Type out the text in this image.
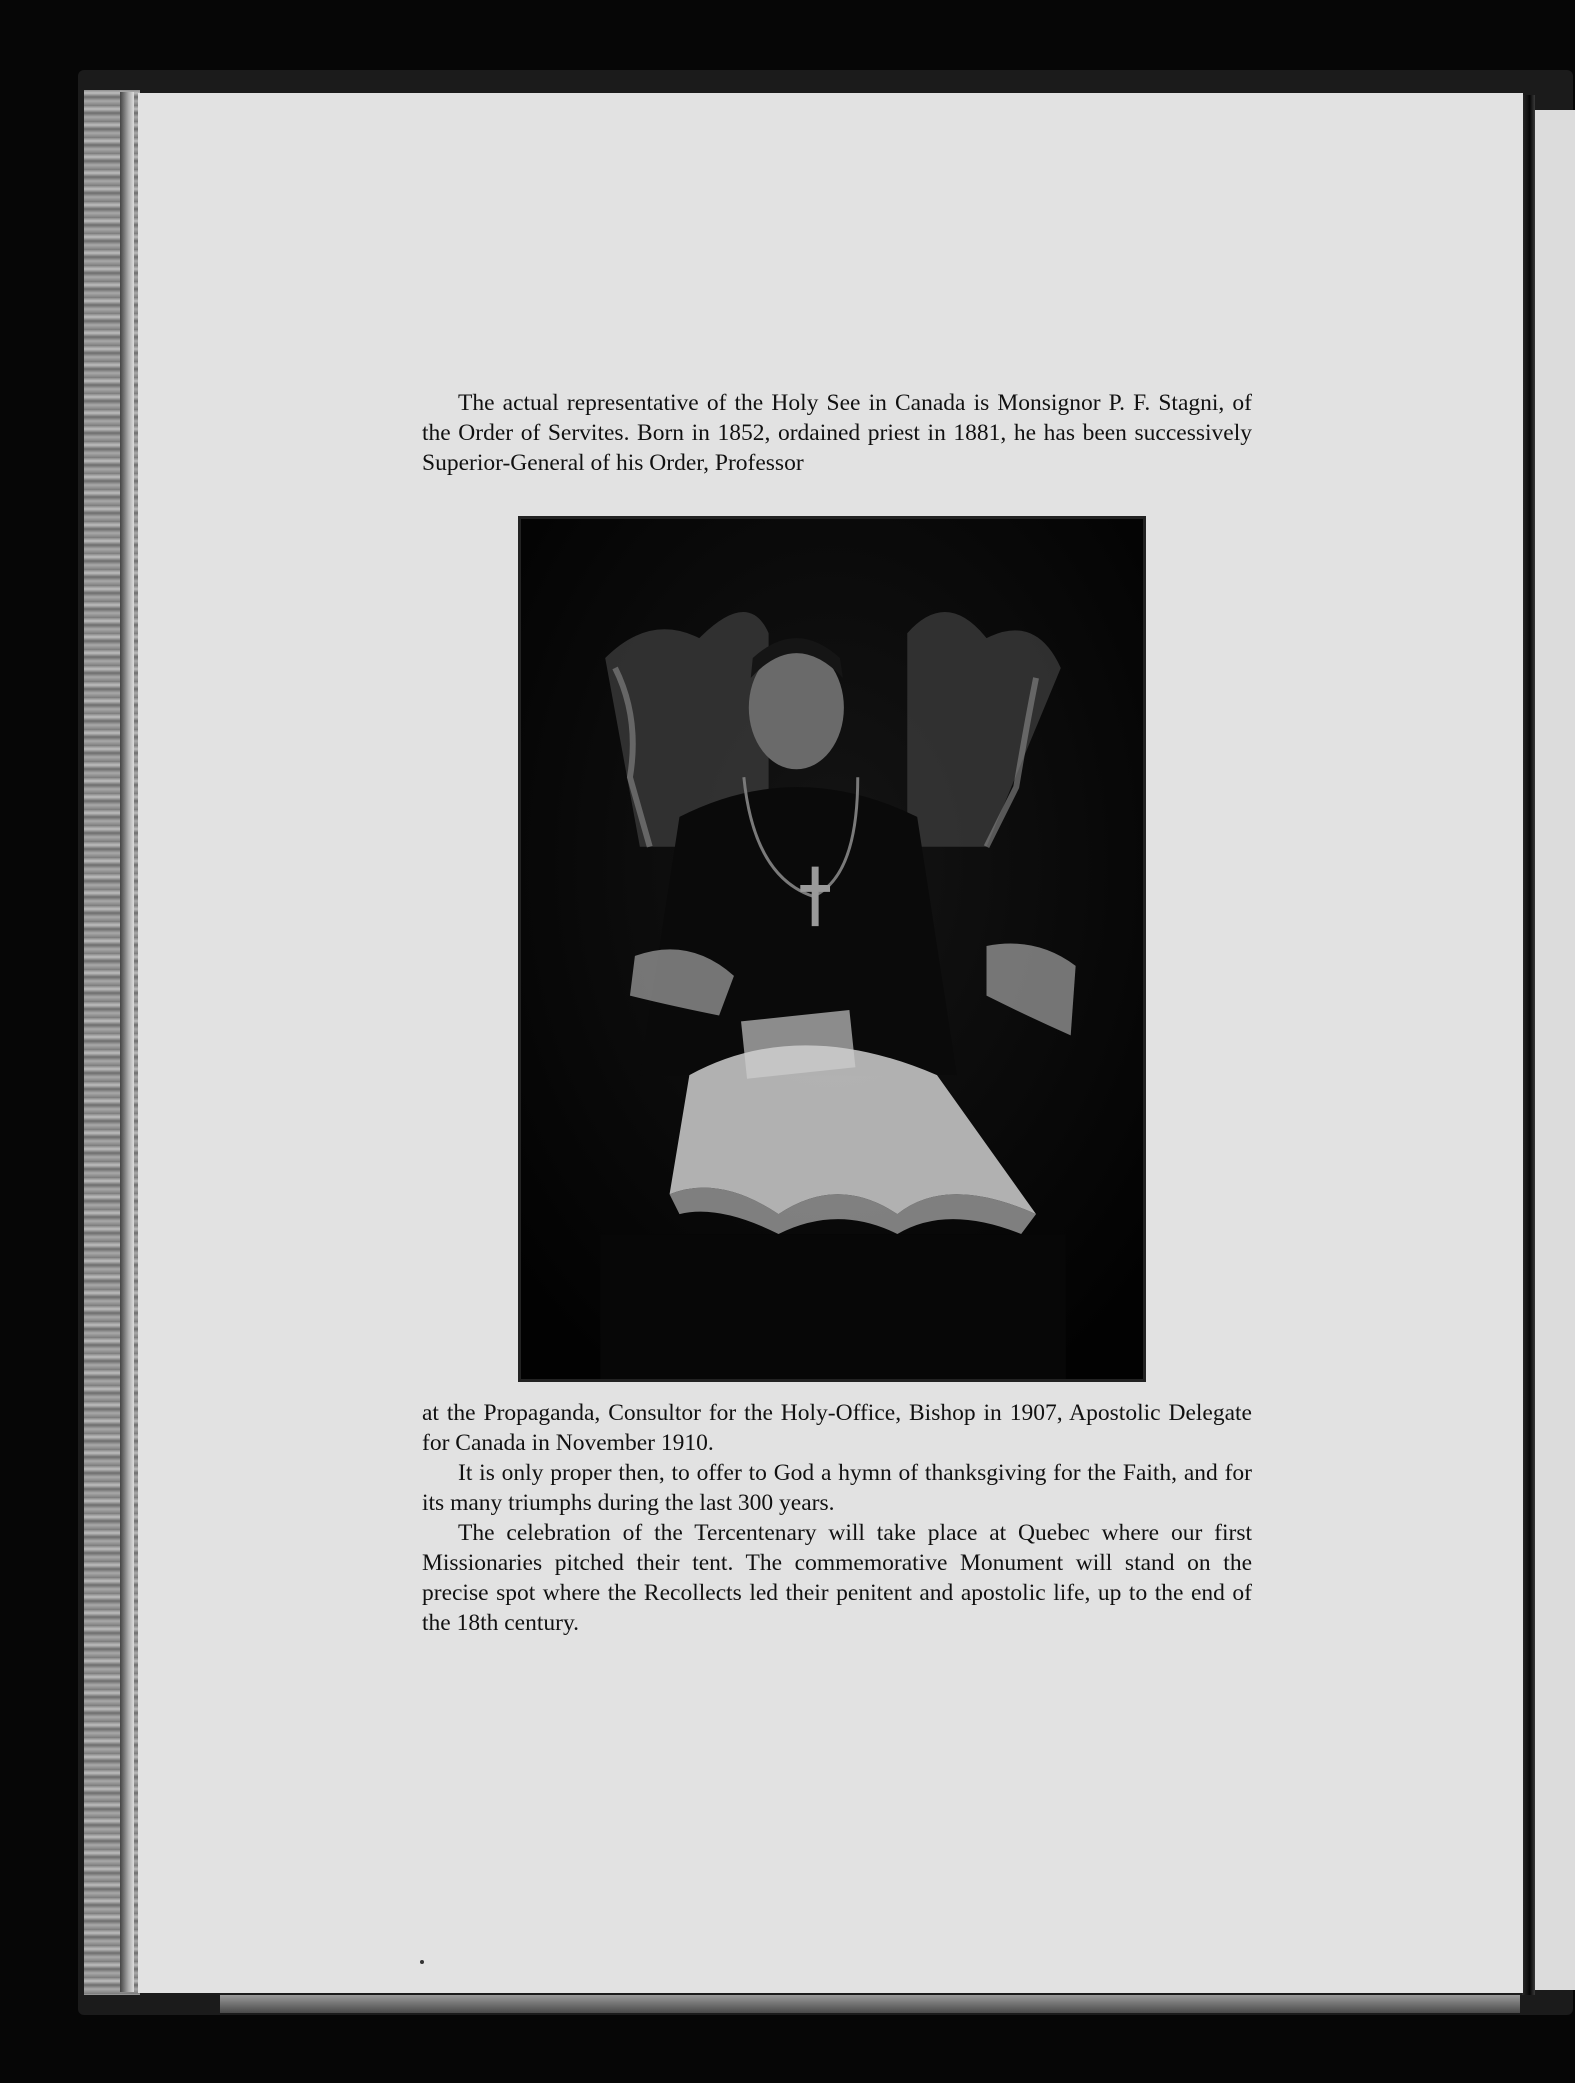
The actual representative of the Holy See in Canada is Monsignor P. F. Stagni, of the Order of Servites. Born in 1852, ordained priest in 1881, he has been successively Superior-General of his Order, Professor

at the Propaganda, Consultor for the Holy-Office, Bishop in 1907, Apostolic Delegate for Canada in November 1910.

It is only proper then, to offer to God a hymn of thanksgiving for the Faith, and for its many triumphs during the last 300 years.

The celebration of the Tercentenary will take place at Quebec where our first Missionaries pitched their tent. The commemorative Monument will stand on the precise spot where the Recollects led their penitent and apostolic life, up to the end of the 18th century.
